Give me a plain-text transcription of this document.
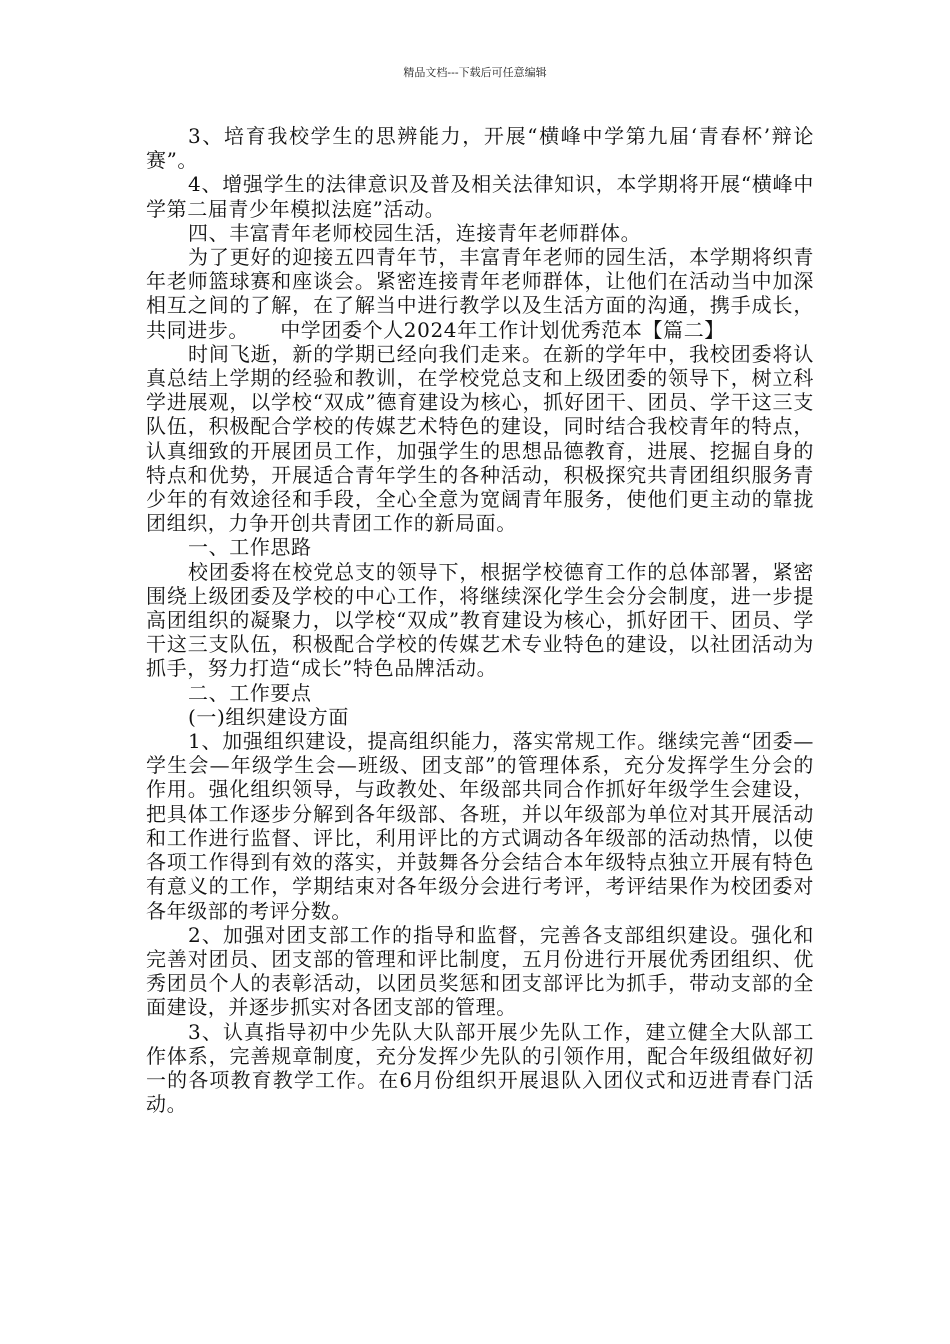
精品文档---下载后可任意编辑

3、培育我校学生的思辨能力，开展“横峰中学第九届‘青春杯’辩论赛”。

4、增强学生的法律意识及普及相关法律知识，本学期将开展“横峰中学第二届青少年模拟法庭”活动。

四、丰富青年老师校园生活，连接青年老师群体。

为了更好的迎接五四青年节，丰富青年老师的园生活，本学期将织青年老师篮球赛和座谈会。紧密连接青年老师群体，让他们在活动当中加深相互之间的了解，在了解当中进行教学以及生活方面的沟通，携手成长，共同进步。　　中学团委个人2024年工作计划优秀范本【篇二】

时间飞逝，新的学期已经向我们走来。在新的学年中，我校团委将认真总结上学期的经验和教训，在学校党总支和上级团委的领导下，树立科学进展观，以学校“双成”德育建设为核心，抓好团干、团员、学干这三支队伍，积极配合学校的传媒艺术特色的建设，同时结合我校青年的特点，认真细致的开展团员工作，加强学生的思想品德教育，进展、挖掘自身的特点和优势，开展适合青年学生的各种活动，积极探究共青团组织服务青少年的有效途径和手段，全心全意为宽阔青年服务，使他们更主动的靠拢团组织，力争开创共青团工作的新局面。

一、工作思路

校团委将在校党总支的领导下，根据学校德育工作的总体部署，紧密围绕上级团委及学校的中心工作，将继续深化学生会分会制度，进一步提高团组织的凝聚力，以学校“双成”教育建设为核心，抓好团干、团员、学干这三支队伍，积极配合学校的传媒艺术专业特色的建设，以社团活动为抓手，努力打造“成长”特色品牌活动。

二、工作要点

(一)组织建设方面

1、加强组织建设，提高组织能力，落实常规工作。继续完善“团委—学生会—年级学生会—班级、团支部”的管理体系，充分发挥学生分会的作用。强化组织领导，与政教处、年级部共同合作抓好年级学生会建设，把具体工作逐步分解到各年级部、各班，并以年级部为单位对其开展活动和工作进行监督、评比，利用评比的方式调动各年级部的活动热情，以使各项工作得到有效的落实，并鼓舞各分会结合本年级特点独立开展有特色有意义的工作，学期结束对各年级分会进行考评，考评结果作为校团委对各年级部的考评分数。

2、加强对团支部工作的指导和监督，完善各支部组织建设。强化和完善对团员、团支部的管理和评比制度，五月份进行开展优秀团组织、优秀团员个人的表彰活动，以团员奖惩和团支部评比为抓手，带动支部的全面建设，并逐步抓实对各团支部的管理。

3、认真指导初中少先队大队部开展少先队工作，建立健全大队部工作体系，完善规章制度，充分发挥少先队的引领作用，配合年级组做好初一的各项教育教学工作。在6月份组织开展退队入团仪式和迈进青春门活动。
